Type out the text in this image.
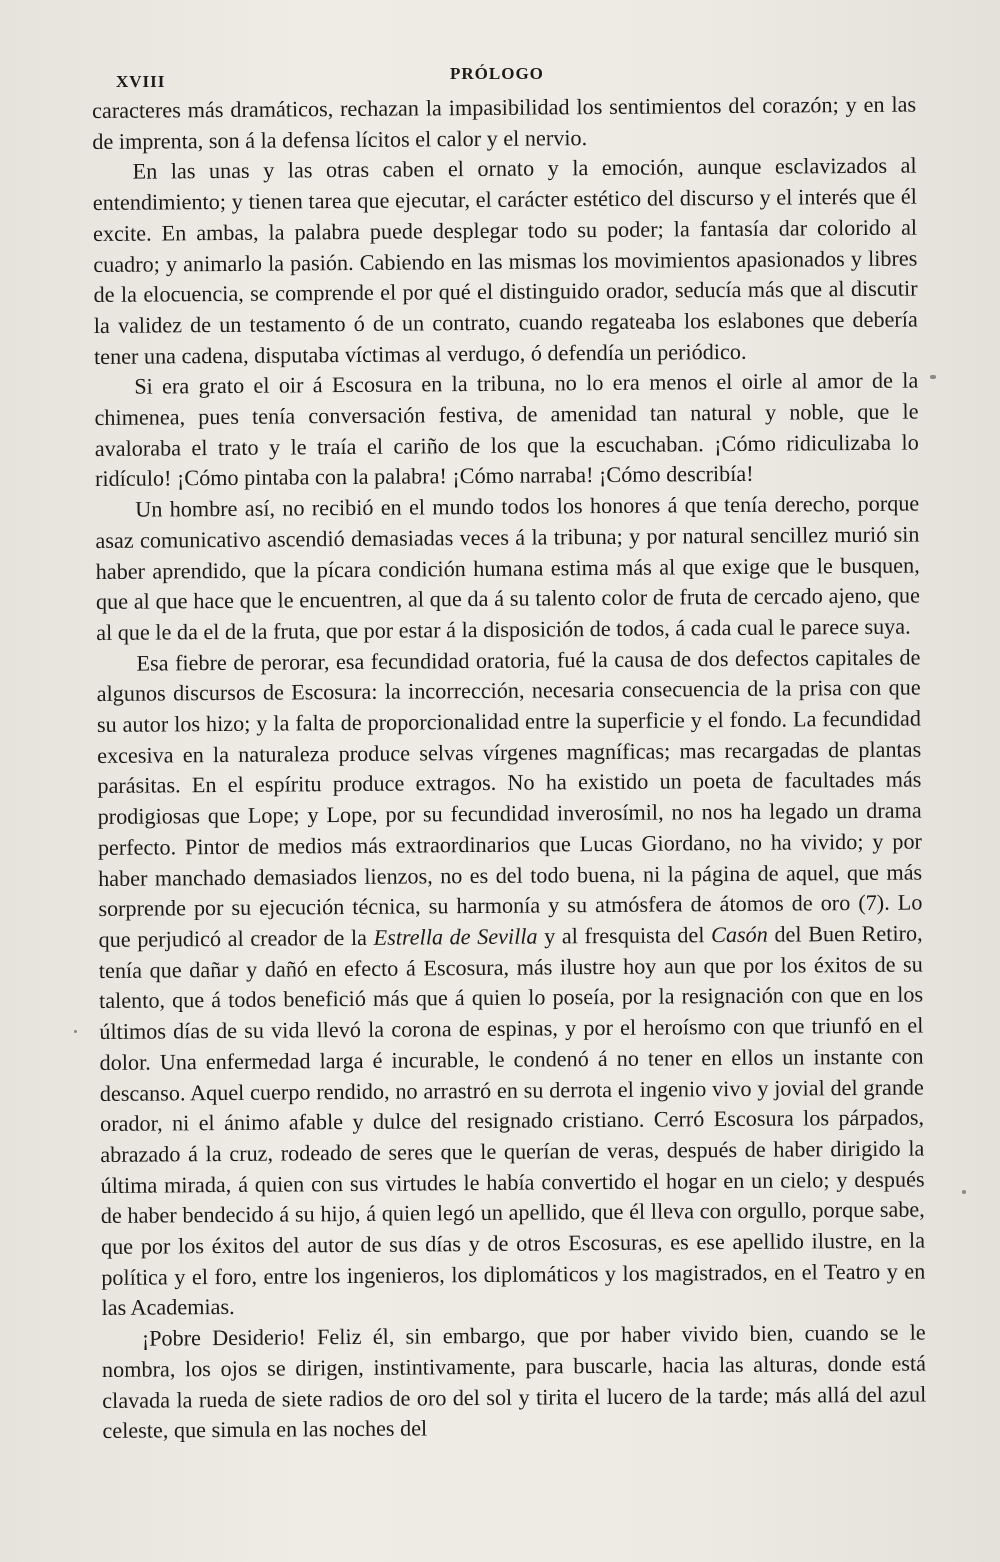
XVIII	PRÓLOGO

caracteres más dramáticos, rechazan la impasibilidad los sentimientos del corazón; y en las de imprenta, son á la defensa lícitos el calor y el nervio.

En las unas y las otras caben el ornato y la emoción, aunque esclavizados al entendimiento; y tienen tarea que ejecutar, el carácter estético del discurso y el interés que él excite. En ambas, la palabra puede desplegar todo su poder; la fantasía dar colorido al cuadro; y animarlo la pasión. Cabiendo en las mismas los movimientos apasionados y libres de la elocuencia, se comprende el por qué el distinguido orador, seducía más que al discutir la validez de un testamento ó de un contrato, cuando regateaba los eslabones que debería tener una cadena, disputaba víctimas al verdugo, ó defendía un periódico.

Si era grato el oir á Escosura en la tribuna, no lo era menos el oirle al amor de la chimenea, pues tenía conversación festiva, de amenidad tan natural y noble, que le avaloraba el trato y le traía el cariño de los que la escuchaban. ¡Cómo ridiculizaba lo ridículo! ¡Cómo pintaba con la palabra! ¡Cómo narraba! ¡Cómo describía!

Un hombre así, no recibió en el mundo todos los honores á que tenía derecho, porque asaz comunicativo ascendió demasiadas veces á la tribuna; y por natural sencillez murió sin haber aprendido, que la pícara condición humana estima más al que exige que le busquen, que al que hace que le encuentren, al que da á su talento color de fruta de cercado ajeno, que al que le da el de la fruta, que por estar á la disposición de todos, á cada cual le parece suya.

Esa fiebre de perorar, esa fecundidad oratoria, fué la causa de dos defectos capitales de algunos discursos de Escosura: la incorrección, necesaria consecuencia de la prisa con que su autor los hizo; y la falta de proporcionalidad entre la superficie y el fondo. La fecundidad excesiva en la naturaleza produce selvas vírgenes magníficas; mas recargadas de plantas parásitas. En el espíritu produce extragos. No ha existido un poeta de facultades más prodigiosas que Lope; y Lope, por su fecundidad inverosímil, no nos ha legado un drama perfecto. Pintor de medios más extraordinarios que Lucas Giordano, no ha vivido; y por haber manchado demasiados lienzos, no es del todo buena, ni la página de aquel, que más sorprende por su ejecución técnica, su harmonía y su atmósfera de átomos de oro (7). Lo que perjudicó al creador de la Estrella de Sevilla y al fresquista del Casón del Buen Retiro, tenía que dañar y dañó en efecto á Escosura, más ilustre hoy aun que por los éxitos de su talento, que á todos benefició más que á quien lo poseía, por la resignación con que en los últimos días de su vida llevó la corona de espinas, y por el heroísmo con que triunfó en el dolor. Una enfermedad larga é incurable, le condenó á no tener en ellos un instante con descanso. Aquel cuerpo rendido, no arrastró en su derrota el ingenio vivo y jovial del grande orador, ni el ánimo afable y dulce del resignado cristiano. Cerró Escosura los párpados, abrazado á la cruz, rodeado de seres que le querían de veras, después de haber dirigido la última mirada, á quien con sus virtudes le había convertido el hogar en un cielo; y después de haber bendecido á su hijo, á quien legó un apellido, que él lleva con orgullo, porque sabe, que por los éxitos del autor de sus días y de otros Escosuras, es ese apellido ilustre, en la política y el foro, entre los ingenieros, los diplomáticos y los magistrados, en el Teatro y en las Academias.

¡Pobre Desiderio! Feliz él, sin embargo, que por haber vivido bien, cuando se le nombra, los ojos se dirigen, instintivamente, para buscarle, hacia las alturas, donde está clavada la rueda de siete radios de oro del sol y tirita el lucero de la tarde; más allá del azul celeste, que simula en las noches del
